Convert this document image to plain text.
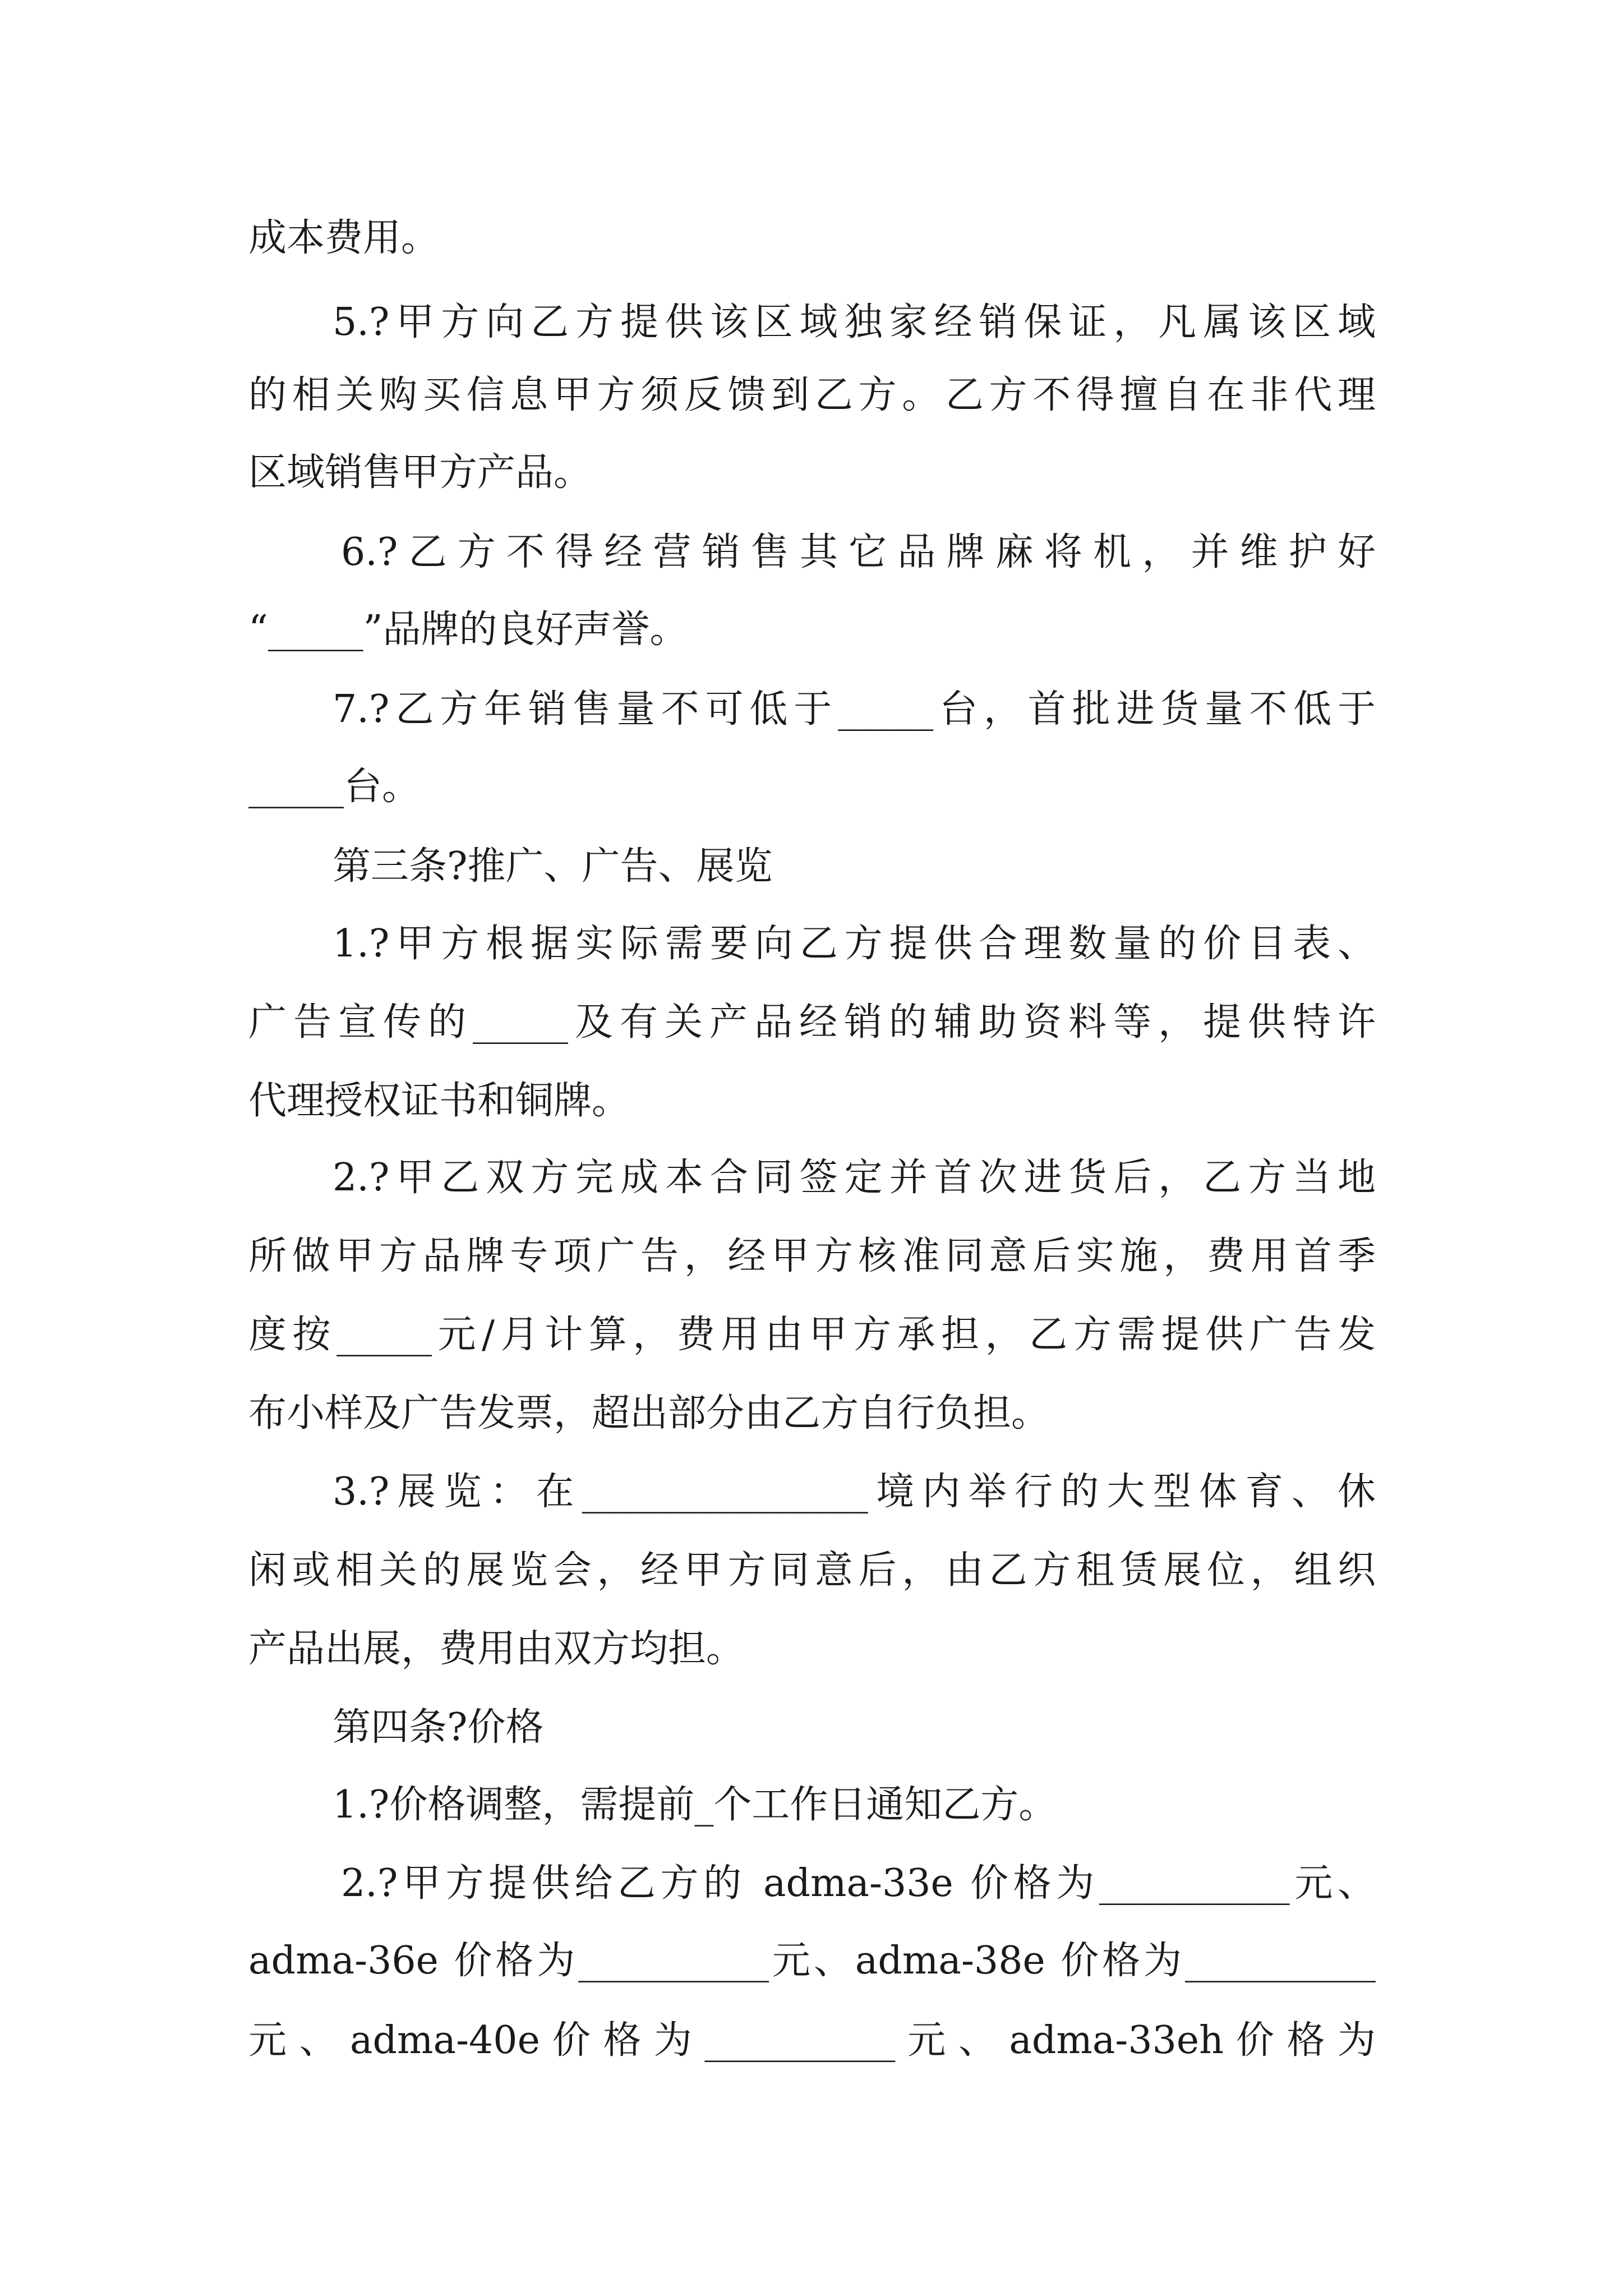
成本费用。
5.?甲方向乙方提供该区域独家经销保证，凡属该区域
的相关购买信息甲方须反馈到乙方。乙方不得擅自在非代理
区域销售甲方产品。
6.?乙方不得经营销售其它品牌麻将机，并维护好
“_____”品牌的良好声誉。
7.?乙方年销售量不可低于_____台，首批进货量不低于
_____台。
第三条?推广、广告、展览
1.?甲方根据实际需要向乙方提供合理数量的价目表、
广告宣传的_____及有关产品经销的辅助资料等，提供特许
代理授权证书和铜牌。
2.?甲乙双方完成本合同签定并首次进货后，乙方当地
所做甲方品牌专项广告，经甲方核准同意后实施，费用首季
度按_____元/月计算，费用由甲方承担，乙方需提供广告发
布小样及广告发票，超出部分由乙方自行负担。
3.?展览：在_______________境内举行的大型体育、休
闲或相关的展览会，经甲方同意后，由乙方租赁展位，组织
产品出展，费用由双方均担。
第四条?价格
1.?价格调整，需提前_个工作日通知乙方。
2.?甲方提供给乙方的 adma-33e 价格为__________元、
adma-36e 价格为__________元、adma-38e 价格为__________
元 、 adma-40e 价 格 为 __________ 元 、 adma-33eh 价 格 为
